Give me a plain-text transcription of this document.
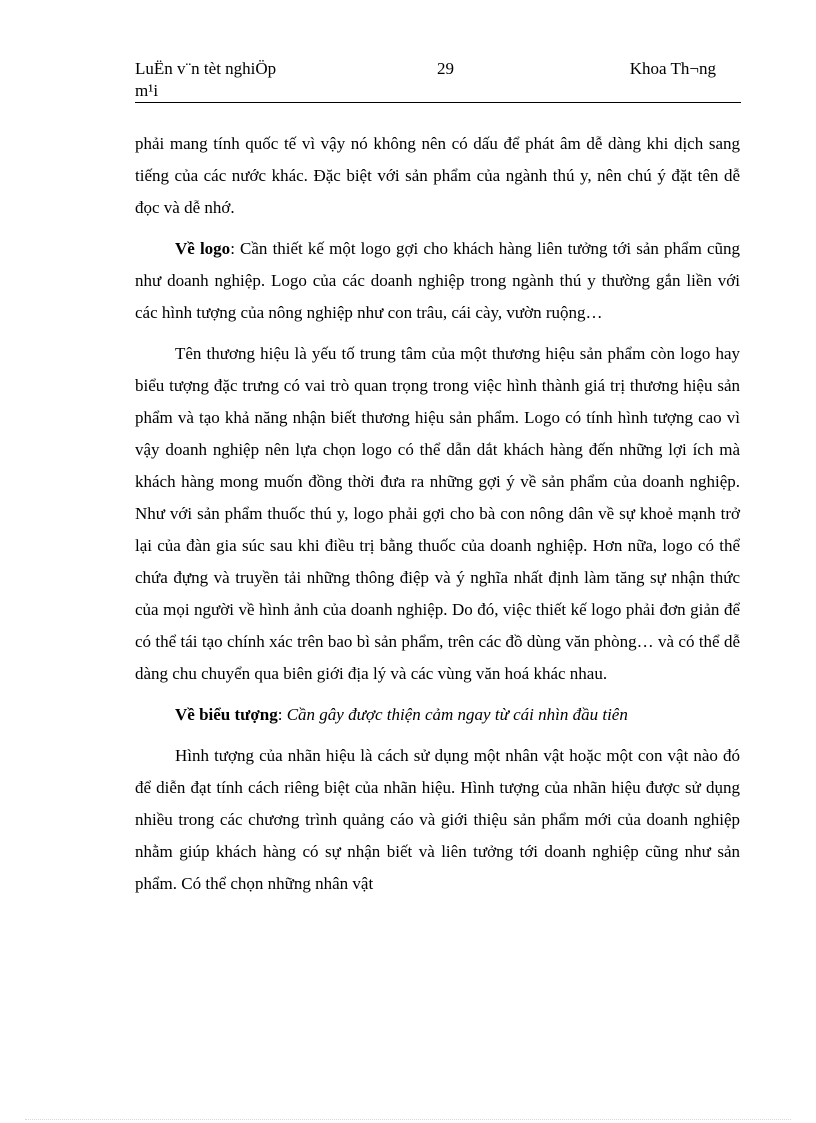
LuËn v¨n tèt nghiÖp
m¹i
29	Khoa Th¬ng

phải mang tính quốc tế vì vậy nó không nên có dấu để phát âm dễ dàng khi dịch sang tiếng của các nước khác. Đặc biệt với sản phẩm của ngành thú y, nên chú ý đặt tên dễ đọc và dễ nhớ.

Về logo: Cần thiết kế một logo gợi cho khách hàng liên tưởng tới sản phẩm cũng như doanh nghiệp. Logo của các doanh nghiệp trong ngành thú y thường gắn liền với các hình tượng của nông nghiệp như con trâu, cái cày, vườn ruộng…

Tên thương hiệu là yếu tố trung tâm của một thương hiệu sản phẩm còn logo hay biểu tượng đặc trưng có vai trò quan trọng trong việc hình thành giá trị thương hiệu sản phẩm và tạo khả năng nhận biết thương hiệu sản phẩm. Logo có tính hình tượng cao vì vậy doanh nghiệp nên lựa chọn logo có thể dẫn dắt khách hàng đến những lợi ích mà khách hàng mong muốn đồng thời đưa ra những gợi ý về sản phẩm của doanh nghiệp. Như với sản phẩm thuốc thú y, logo phải gợi cho bà con nông dân về sự khoẻ mạnh trở lại của đàn gia súc sau khi điều trị bằng thuốc của doanh nghiệp. Hơn nữa, logo có thể chứa đựng và truyền tải những thông điệp và ý nghĩa nhất định làm tăng sự nhận thức của mọi người về hình ảnh của doanh nghiệp. Do đó, việc thiết kế logo phải đơn giản để có thể tái tạo chính xác trên bao bì sản phẩm, trên các đồ dùng văn phòng… và có thể dễ dàng chu chuyển qua biên giới địa lý và các vùng văn hoá khác nhau.

Về biểu tượng: Cần gây được thiện cảm ngay từ cái nhìn đầu tiên

Hình tượng của nhãn hiệu là cách sử dụng một nhân vật hoặc một con vật nào đó để diễn đạt tính cách riêng biệt của nhãn hiệu. Hình tượng của nhãn hiệu được sử dụng nhiều trong các chương trình quảng cáo và giới thiệu sản phẩm mới của doanh nghiệp nhằm giúp khách hàng có sự nhận biết và liên tưởng tới doanh nghiệp cũng như sản phẩm. Có thể chọn những nhân vật
